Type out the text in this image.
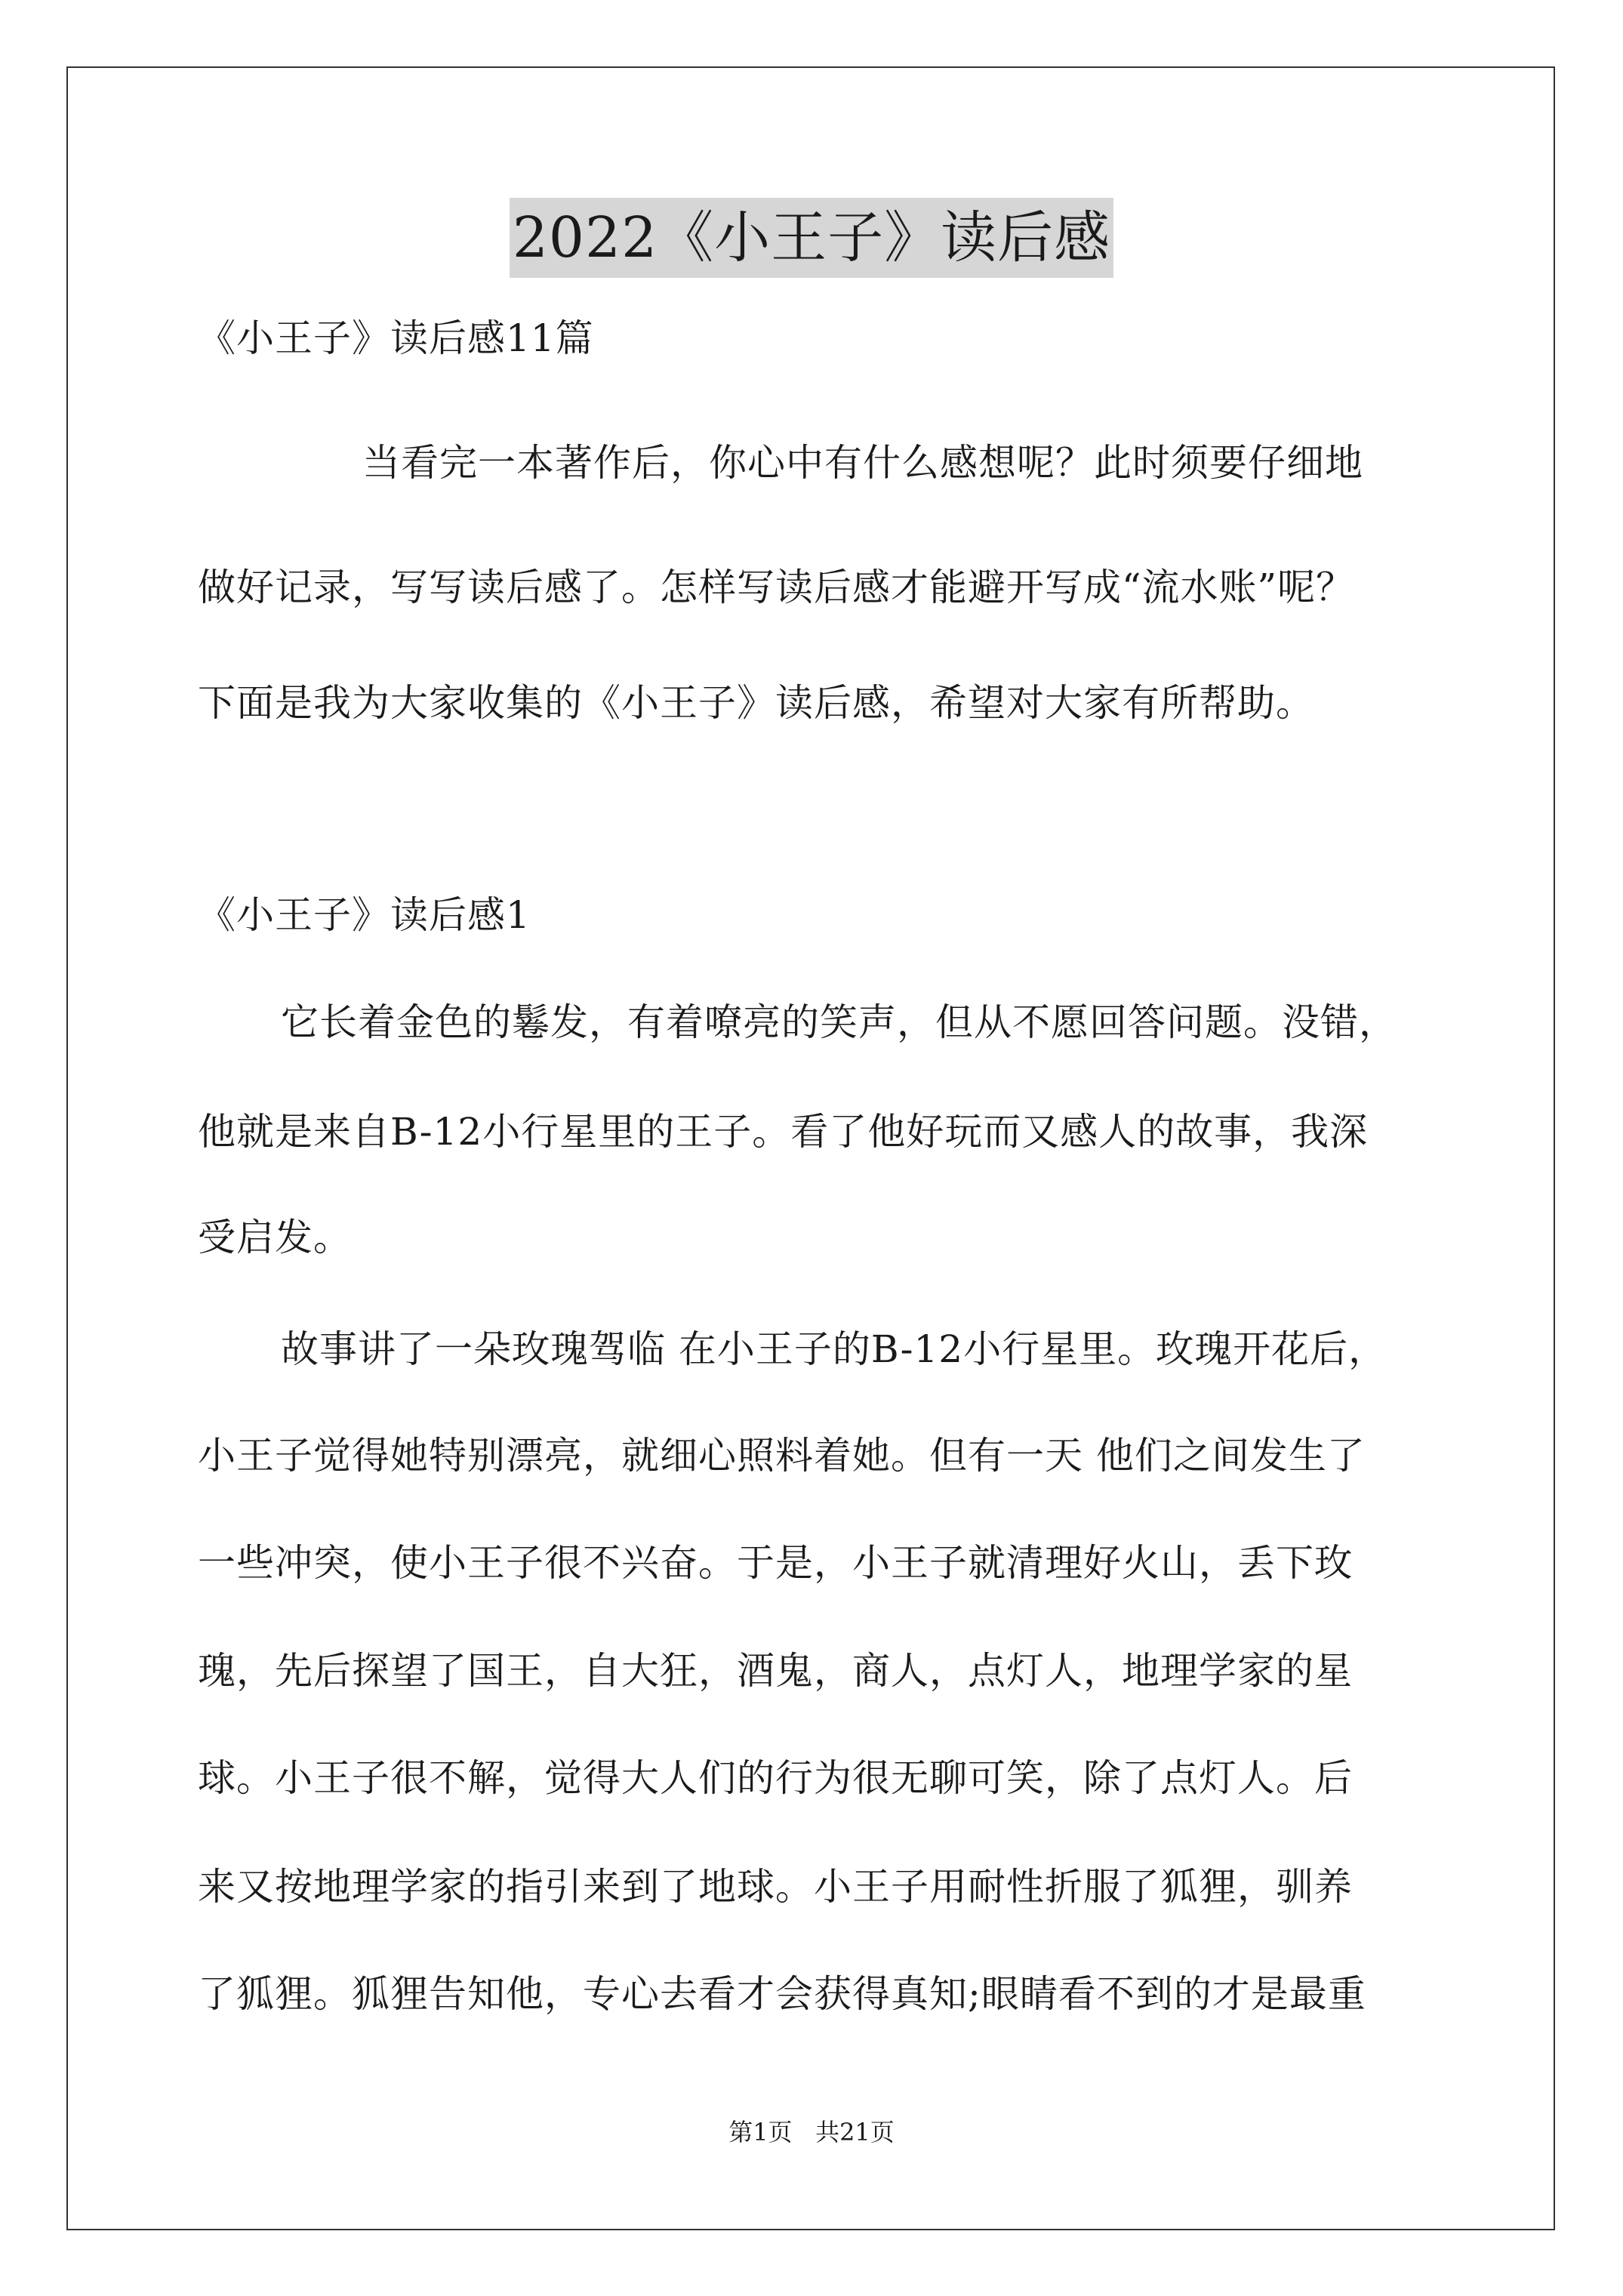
2022《小王子》读后感
《小王子》读后感11篇
当看完一本著作后，你心中有什么感想呢？此时须要仔细地
做好记录，写写读后感了。怎样写读后感才能避开写成“流水账”呢？
下面是我为大家收集的《小王子》读后感，希望对大家有所帮助。
《小王子》读后感1
它长着金色的鬈发，有着嘹亮的笑声，但从不愿回答问题。没错，
他就是来自B-12小行星里的王子。看了他好玩而又感人的故事，我深
受启发。
故事讲了一朵玫瑰驾临 在小王子的B-12小行星里。玫瑰开花后，
小王子觉得她特别漂亮，就细心照料着她。但有一天 他们之间发生了
一些冲突，使小王子很不兴奋。于是，小王子就清理好火山，丢下玫
瑰，先后探望了国王，自大狂，酒鬼，商人，点灯人，地理学家的星
球。小王子很不解，觉得大人们的行为很无聊可笑，除了点灯人。后
来又按地理学家的指引来到了地球。小王子用耐性折服了狐狸，驯养
了狐狸。狐狸告知他，专心去看才会获得真知;眼睛看不到的才是最重
第1页   共21页
